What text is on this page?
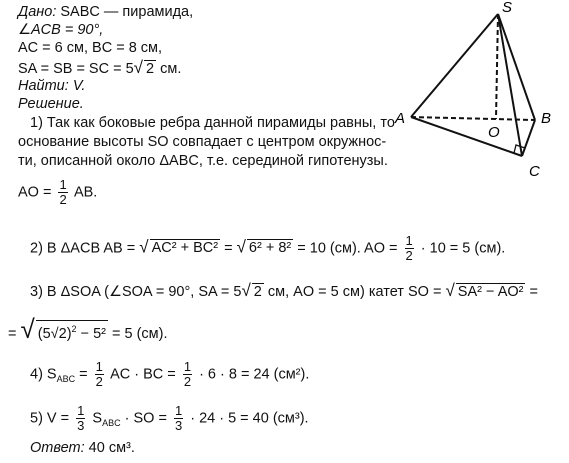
Дано: SABC — пирамида,
∠ACB = 90°,
AC = 6 см, BC = 8 см,
SA = SB = SC = 5√ 2 см.
Найти: V.
Решение.
1) Так как боковые ребра данной пирамиды равны, то
основание высоты SO совпадает с центром окружнос-
ти, описанной около ΔABC, т.е. серединой гипотенузы.
AO = $\frac{1}{2}$ AB.
2) В ΔACB AB = √ AC² + BC² = √ 6² + 8² = 10 (см). AO = $\frac{1}{2} \cdot 10 = 5$ (см).
3) В ΔSOA (∠SOA = 90°, SA = 5√ 2 см, AO = 5 см) катет SO = √ SA² − AO² =
= √ $(5√2)^2 - 5^2 = 5$ (см).
4) $S_{ABC} = \frac{1}{2}$ AC · BC = $\frac{1}{2} \cdot 6 \cdot 8 = 24$ (см²).
5) $V = \frac{1}{3} S_{ABC}$ · SO = $\frac{1}{3} \cdot 24 \cdot 5 = 40$ (см³).
Ответ: 40 см³.
S
A	B
C
O
